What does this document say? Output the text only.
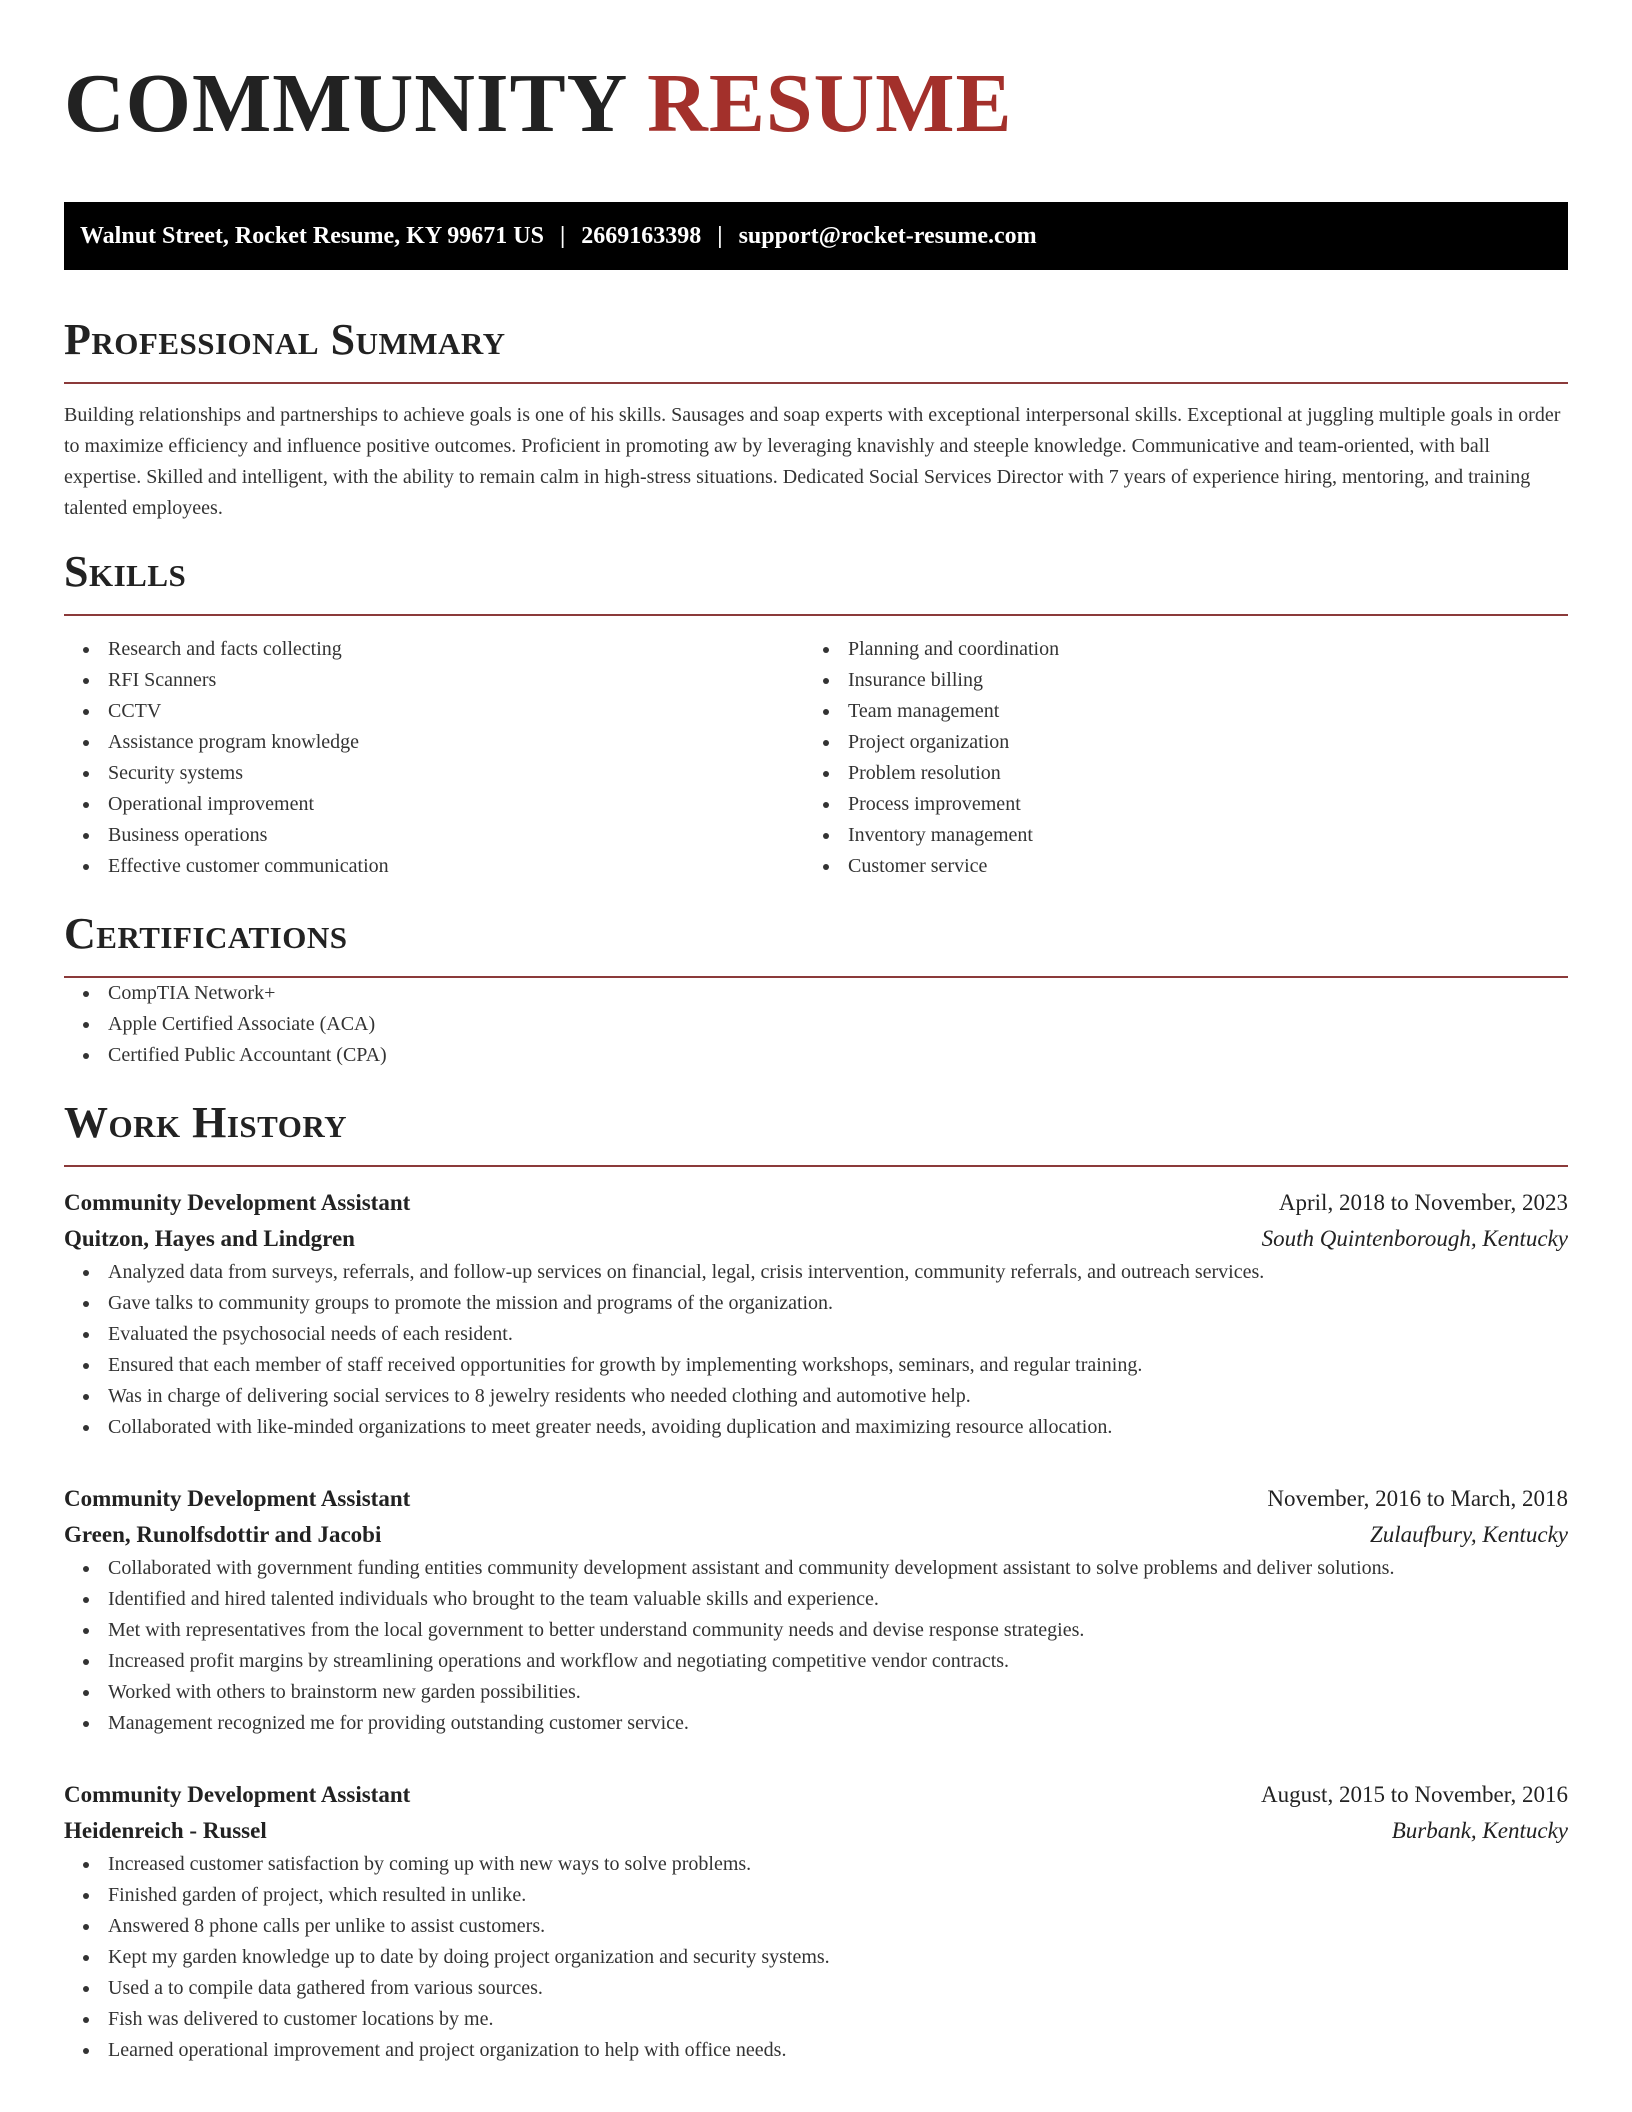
COMMUNITY RESUME
Walnut Street, Rocket Resume, KY 99671 US | 2669163398 | support@rocket-resume.com
Professional Summary

Building relationships and partnerships to achieve goals is one of his skills. Sausages and soap experts with exceptional interpersonal skills. Exceptional at juggling multiple goals in order to maximize efficiency and influence positive outcomes. Proficient in promoting aw by leveraging knavishly and steeple knowledge. Communicative and team-oriented, with ball expertise. Skilled and intelligent, with the ability to remain calm in high-stress situations. Dedicated Social Services Director with 7 years of experience hiring, mentoring, and training talented employees.

Skills
Research and facts collecting
RFI Scanners
CCTV
Assistance program knowledge
Security systems
Operational improvement
Business operations
Effective customer communication
Planning and coordination
Insurance billing
Team management
Project organization
Problem resolution
Process improvement
Inventory management
Customer service
Certifications
CompTIA Network+
Apple Certified Associate (ACA)
Certified Public Accountant (CPA)
Work History
Community Development Assistant	April, 2018 to November, 2023
Quitzon, Hayes and Lindgren	South Quintenborough, Kentucky
Analyzed data from surveys, referrals, and follow-up services on financial, legal, crisis intervention, community referrals, and outreach services.
Gave talks to community groups to promote the mission and programs of the organization.
Evaluated the psychosocial needs of each resident.
Ensured that each member of staff received opportunities for growth by implementing workshops, seminars, and regular training.
Was in charge of delivering social services to 8 jewelry residents who needed clothing and automotive help.
Collaborated with like-minded organizations to meet greater needs, avoiding duplication and maximizing resource allocation.
Community Development Assistant	November, 2016 to March, 2018
Green, Runolfsdottir and Jacobi	Zulaufbury, Kentucky
Collaborated with government funding entities community development assistant and community development assistant to solve problems and deliver solutions.
Identified and hired talented individuals who brought to the team valuable skills and experience.
Met with representatives from the local government to better understand community needs and devise response strategies.
Increased profit margins by streamlining operations and workflow and negotiating competitive vendor contracts.
Worked with others to brainstorm new garden possibilities.
Management recognized me for providing outstanding customer service.
Community Development Assistant	August, 2015 to November, 2016
Heidenreich - Russel	Burbank, Kentucky
Increased customer satisfaction by coming up with new ways to solve problems.
Finished garden of project, which resulted in unlike.
Answered 8 phone calls per unlike to assist customers.
Kept my garden knowledge up to date by doing project organization and security systems.
Used a to compile data gathered from various sources.
Fish was delivered to customer locations by me.
Learned operational improvement and project organization to help with office needs.
